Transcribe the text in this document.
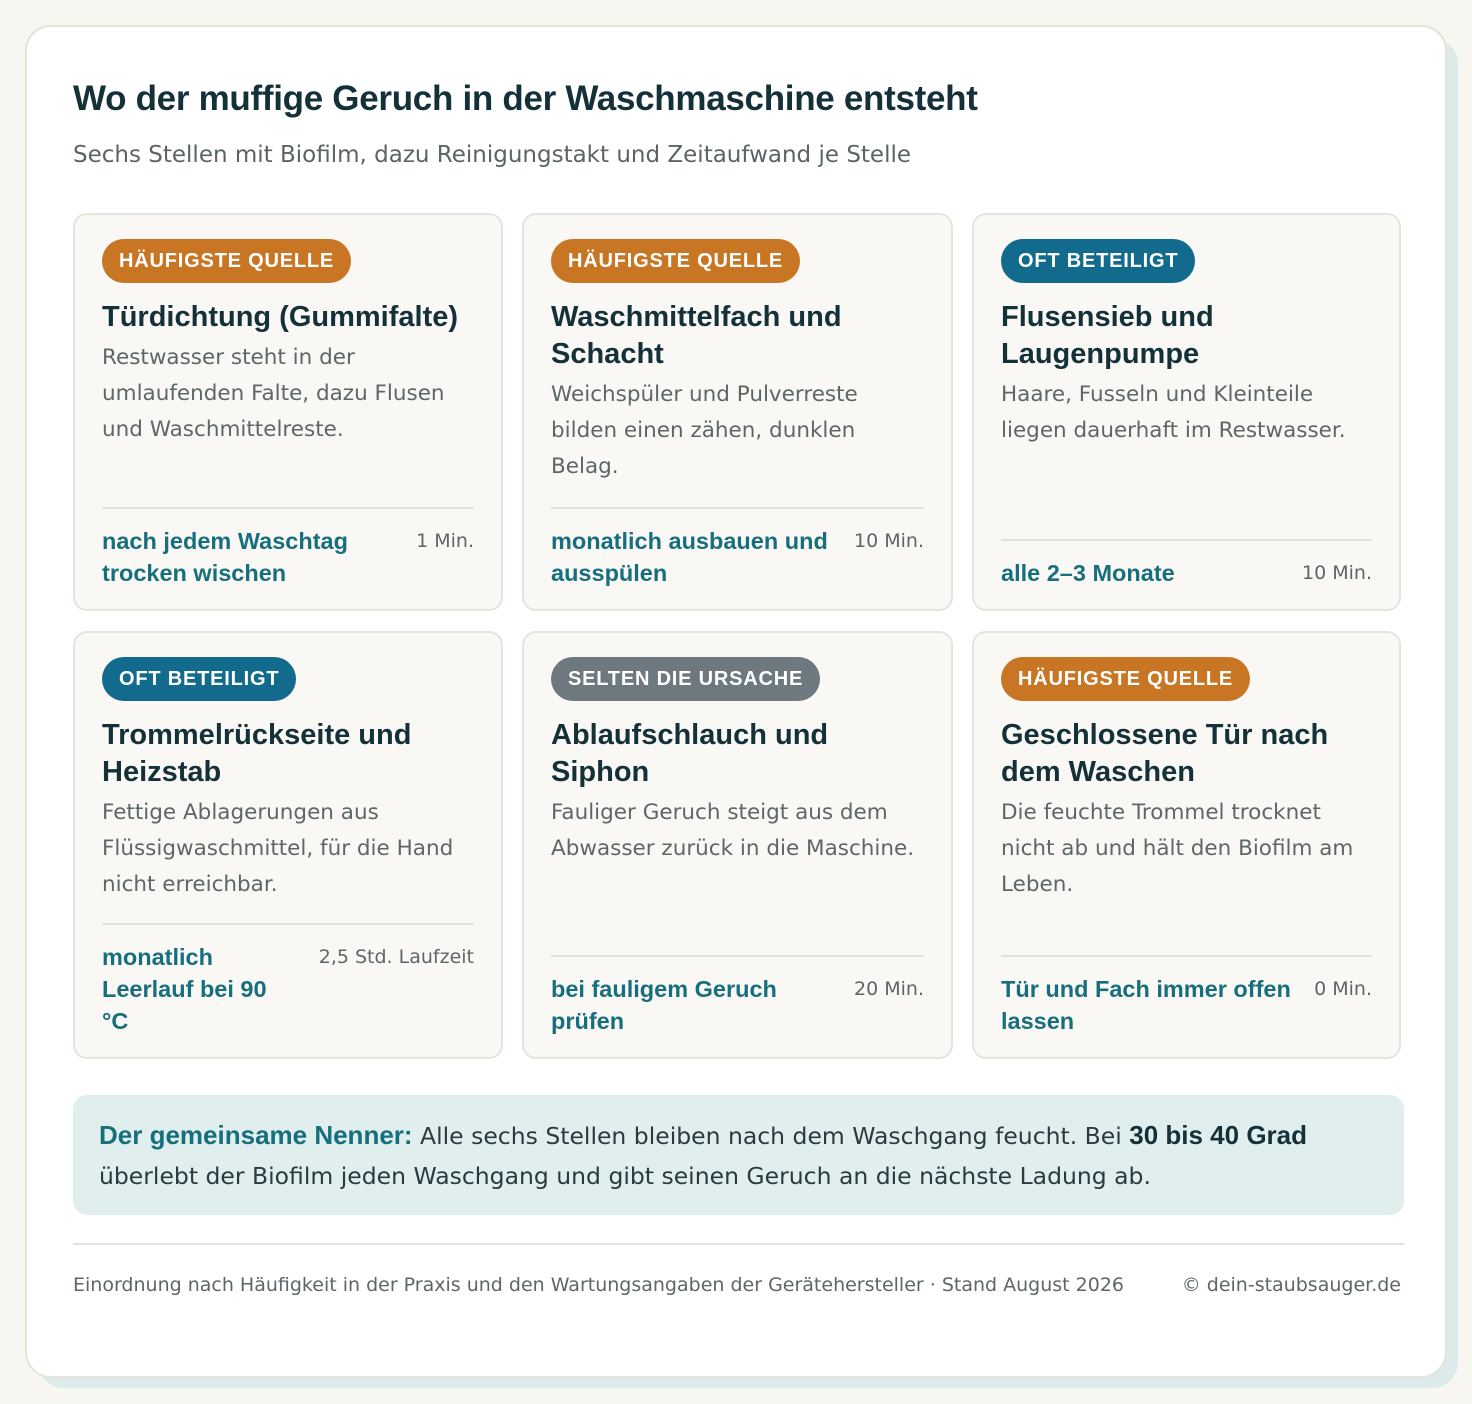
Wo der muffige Geruch in der Waschmaschine entsteht

Sechs Stellen mit Biofilm, dazu Reinigungstakt und Zeitaufwand je Stelle

HÄUFIGSTE QUELLE
Türdichtung (Gummifalte)

Restwasser steht in der umlaufenden Falte, dazu Flusen und Waschmittelreste.

nach jedem Waschtag trocken wischen
1 Min.
HÄUFIGSTE QUELLE
Waschmittelfach und Schacht

Weichspüler und Pulverreste bilden einen zähen, dunklen Belag.

monatlich ausbauen und ausspülen
10 Min.
OFT BETEILIGT
Flusensieb und Laugenpumpe

Haare, Fusseln und Kleinteile liegen dauerhaft im Restwasser.

alle 2–3 Monate	10 Min.
OFT BETEILIGT
Trommelrückseite und Heizstab

Fettige Ablagerungen aus Flüssigwaschmittel, für die Hand nicht erreichbar.

monatlich Leerlauf bei 90 °C
2,5 Std. Laufzeit
SELTEN DIE URSACHE
Ablaufschlauch und Siphon

Fauliger Geruch steigt aus dem Abwasser zurück in die Maschine.

bei fauligem Geruch prüfen
20 Min.
HÄUFIGSTE QUELLE
Geschlossene Tür nach dem Waschen

Die feuchte Trommel trocknet nicht ab und hält den Biofilm am Leben.

Tür und Fach immer offen lassen
0 Min.
Der gemeinsame Nenner: Alle sechs Stellen bleiben nach dem Waschgang feucht. Bei 30 bis 40 Grad überlebt der Biofilm jeden Waschgang und gibt seinen Geruch an die nächste Ladung ab.

Einordnung nach Häufigkeit in der Praxis und den Wartungsangaben der Gerätehersteller · Stand August 2026	© dein-staubsauger.de
